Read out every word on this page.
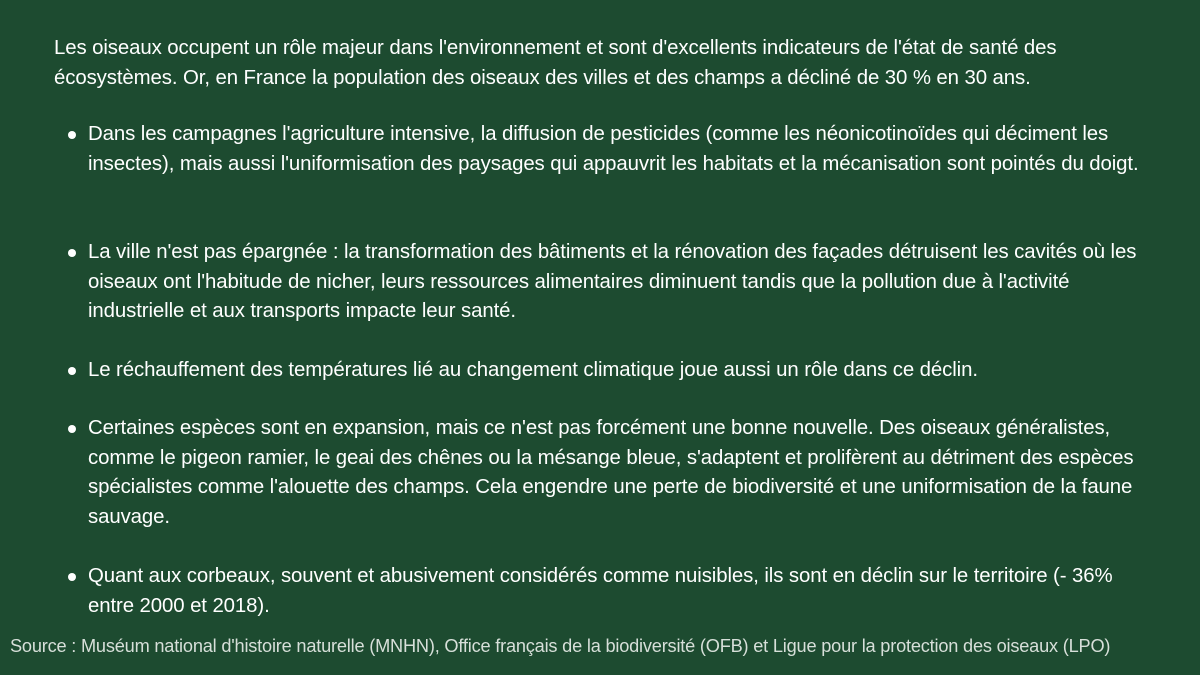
Les oiseaux occupent un rôle majeur dans l'environnement et sont d'excellents indicateurs de l'état de santé des écosystèmes. Or, en France la population des oiseaux des villes et des champs a décliné de 30 % en 30 ans.

Dans les campagnes l'agriculture intensive, la diffusion de pesticides (comme les néonicotinoïdes qui déciment les insectes), mais aussi l'uniformisation des paysages qui appauvrit les habitats et la mécanisation sont pointés du doigt.
La ville n'est pas épargnée : la transformation des bâtiments et la rénovation des façades détruisent les cavités où les oiseaux ont l'habitude de nicher, leurs ressources alimentaires diminuent tandis que la pollution due à l'activité industrielle et aux transports impacte leur santé.
Le réchauffement des températures lié au changement climatique joue aussi un rôle dans ce déclin.
Certaines espèces sont en expansion, mais ce n'est pas forcément une bonne nouvelle. Des oiseaux généralistes, comme le pigeon ramier, le geai des chênes ou la mésange bleue, s'adaptent et prolifèrent au détriment des espèces spécialistes comme l'alouette des champs. Cela engendre une perte de biodiversité et une uniformisation de la faune sauvage.
Quant aux corbeaux, souvent et abusivement considérés comme nuisibles, ils sont en déclin sur le territoire (- 36% entre 2000 et 2018).
Source : Muséum national d'histoire naturelle (MNHN), Office français de la biodiversité (OFB) et Ligue pour la protection des oiseaux (LPO)
